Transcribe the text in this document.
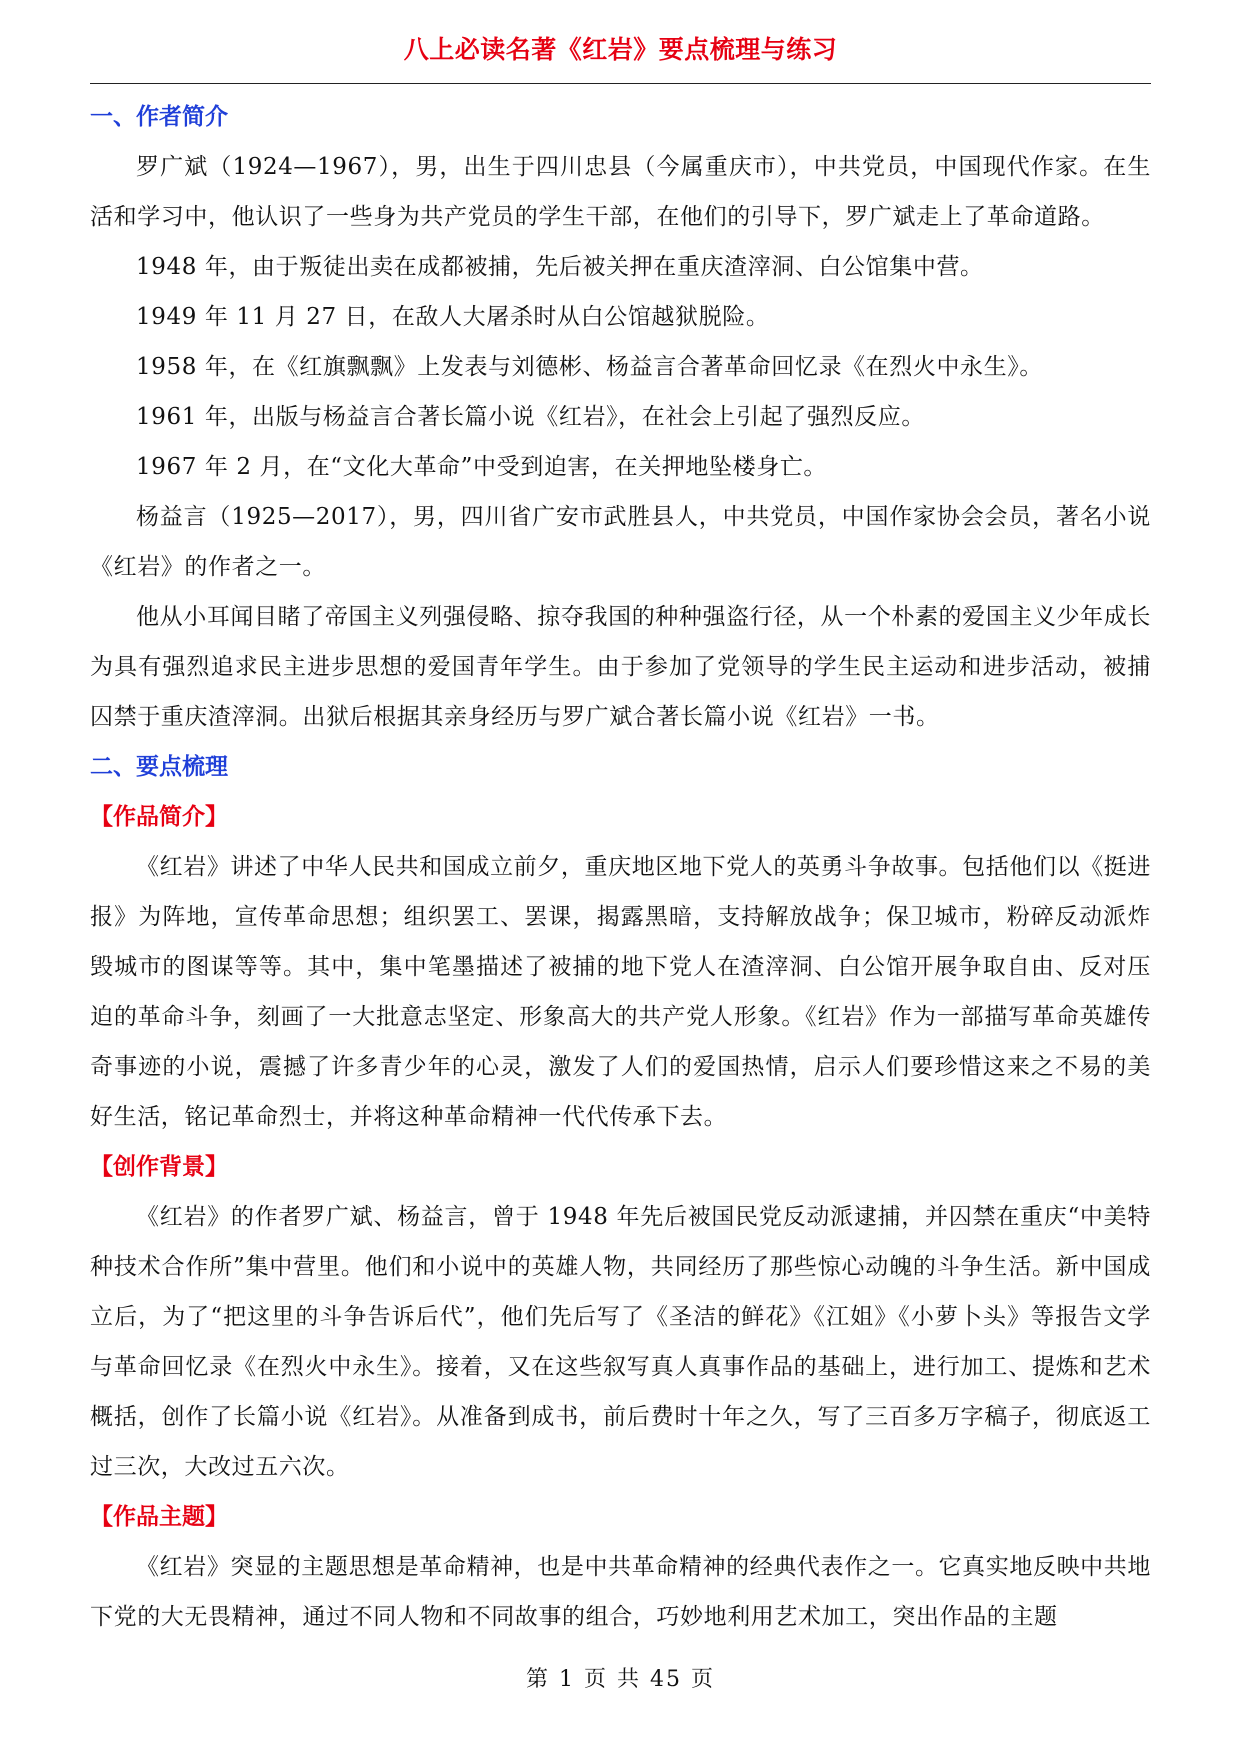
八上必读名著《红岩》要点梳理与练习
一、作者简介

罗广斌（1924—1967），男，出生于四川忠县（今属重庆市），中共党员，中国现代作家。在生活和学习中，他认识了一些身为共产党员的学生干部，在他们的引导下，罗广斌走上了革命道路。

1948 年，由于叛徒出卖在成都被捕，先后被关押在重庆渣滓洞、白公馆集中营。

1949 年 11 月 27 日，在敌人大屠杀时从白公馆越狱脱险。

1958 年，在《红旗飘飘》上发表与刘德彬、杨益言合著革命回忆录《在烈火中永生》。

1961 年，出版与杨益言合著长篇小说《红岩》，在社会上引起了强烈反应。

1967 年 2 月，在“文化大革命”中受到迫害，在关押地坠楼身亡。

杨益言（1925—2017），男，四川省广安市武胜县人，中共党员，中国作家协会会员，著名小说《红岩》的作者之一。

他从小耳闻目睹了帝国主义列强侵略、掠夺我国的种种强盗行径，从一个朴素的爱国主义少年成长为具有强烈追求民主进步思想的爱国青年学生。由于参加了党领导的学生民主运动和进步活动，被捕囚禁于重庆渣滓洞。出狱后根据其亲身经历与罗广斌合著长篇小说《红岩》一书。

二、要点梳理
【作品简介】

《红岩》讲述了中华人民共和国成立前夕，重庆地区地下党人的英勇斗争故事。包括他们以《挺进报》为阵地，宣传革命思想；组织罢工、罢课，揭露黑暗，支持解放战争；保卫城市，粉碎反动派炸毁城市的图谋等等。其中，集中笔墨描述了被捕的地下党人在渣滓洞、白公馆开展争取自由、反对压迫的革命斗争，刻画了一大批意志坚定、形象高大的共产党人形象。《红岩》作为一部描写革命英雄传奇事迹的小说，震撼了许多青少年的心灵，激发了人们的爱国热情，启示人们要珍惜这来之不易的美好生活，铭记革命烈士，并将这种革命精神一代代传承下去。

【创作背景】

《红岩》的作者罗广斌、杨益言，曾于 1948 年先后被国民党反动派逮捕，并囚禁在重庆“中美特种技术合作所”集中营里。他们和小说中的英雄人物，共同经历了那些惊心动魄的斗争生活。新中国成立后，为了“把这里的斗争告诉后代”，他们先后写了《圣洁的鲜花》《江姐》《小萝卜头》等报告文学与革命回忆录《在烈火中永生》。接着，又在这些叙写真人真事作品的基础上，进行加工、提炼和艺术概括，创作了长篇小说《红岩》。从准备到成书，前后费时十年之久，写了三百多万字稿子，彻底返工过三次，大改过五六次。

【作品主题】

《红岩》突显的主题思想是革命精神，也是中共革命精神的经典代表作之一。它真实地反映中共地下党的大无畏精神，通过不同人物和不同故事的组合，巧妙地利用艺术加工，突出作品的主题

第 1 页 共 45 页
